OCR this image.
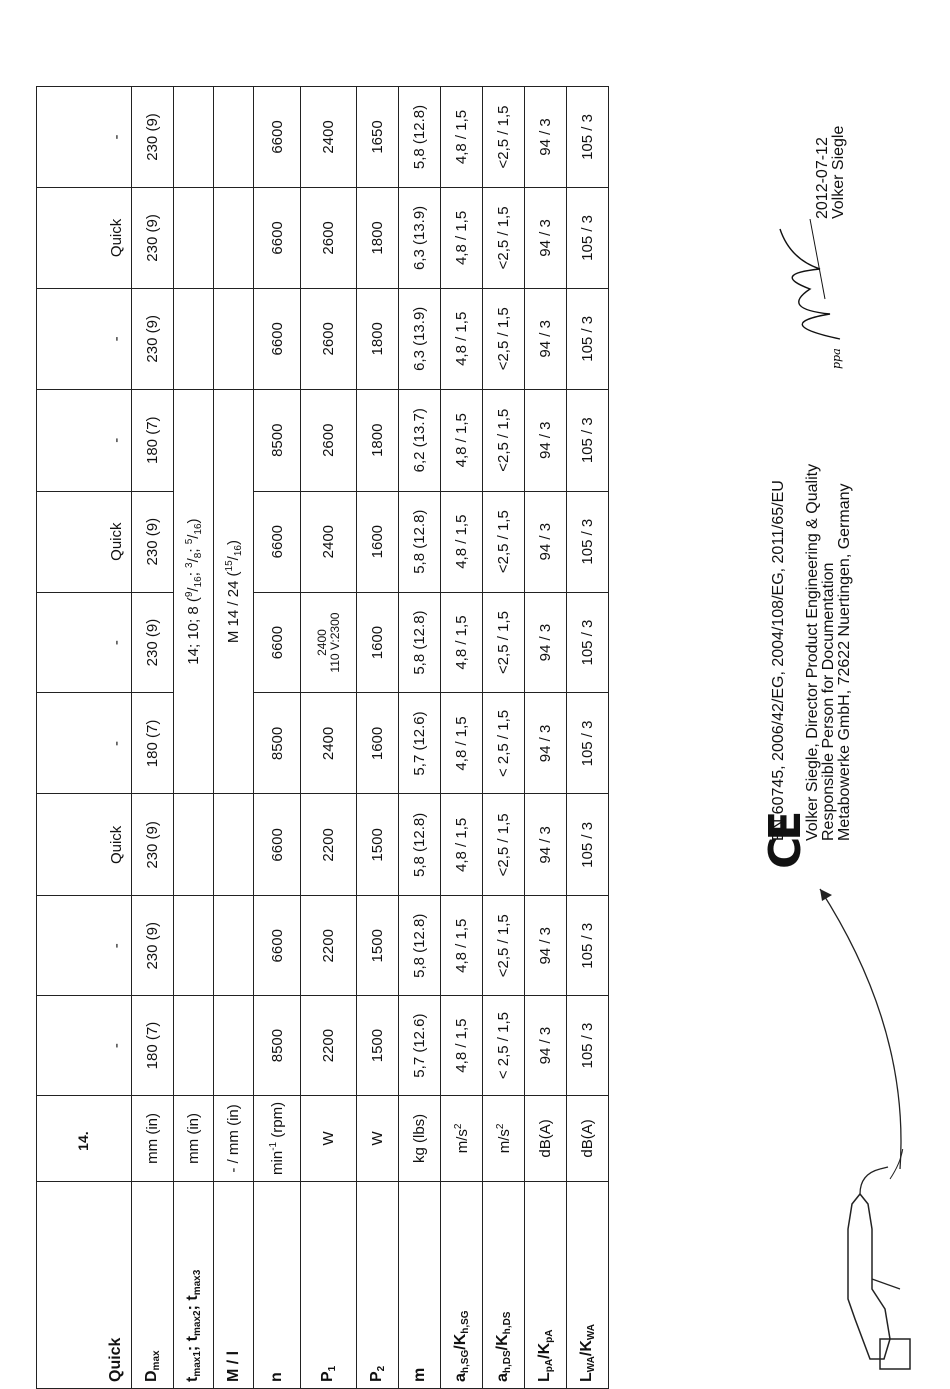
Quick	14.	-	-	Quick	-	-	Quick	-	-	Quick	-
$D_{max}$	mm (in)	180 (7)	230 (9)	230 (9)	180 (7)	230 (9)	230 (9)	180 (7)	230 (9)	230 (9)	230 (9)
$t_{max1}$; $t_{max2}$; $t_{max3}$	mm (in)				14; 10; 8 ($^9/_{16}$; $^3/_8$; $^5/_{16}$)						
M / l	- / mm (in)				M 14 / 24 $(^{15}/_{16})$						
n	$\min^{-1} (rpm)$	8500	6600	6600	8500	6600	6600	8500	6600	6600	6600
$P_1$	W	2200	2200	2200	2400	2400 110 V:2300	2400	2600	2600	2600	2400
$P_2$	W	1500	1500	1500	1600	1600	1600	1800	1800	1800	1650
m	kg (lbs)	5,7 (12.6)	5,8 (12.8)	5,8 (12.8)	5,7 (12.6)	5,8 (12.8)	5,8 (12.8)	6,2 (13.7)	6,3 (13.9)	6,3 (13.9)	5,8 (12.8)
$a_{h,SG}/K_{h,SG}$	$m/s^2$	4,8 / 1,5	4,8 / 1,5	4,8 / 1,5	4,8 / 1,5	4,8 / 1,5	4,8 / 1,5	4,8 / 1,5	4,8 / 1,5	4,8 / 1,5	4,8 / 1,5
$a_{h,DS}/K_{h,DS}$	$m/s^2$	< 2,5 / 1,5	<2,5 / 1,5	<2,5 / 1,5	< 2,5 / 1,5	<2,5 / 1,5	<2,5 / 1,5	<2,5 / 1,5	<2,5 / 1,5	<2,5 / 1,5	<2,5 / 1,5
$L_{pA}/K_{pA}$	dB(A)	94 / 3	94 / 3	94 / 3	94 / 3	94 / 3	94 / 3	94 / 3	94 / 3	94 / 3	94 / 3
$L_{WA}/K_{WA}$	dB(A)	105 / 3	105 / 3	105 / 3	105 / 3	105 / 3	105 / 3	105 / 3	105 / 3	105 / 3	105 / 3
CE
EN 60745, 2006/42/EG, 2004/108/EG, 2011/65/EU Volker Siegle, Director Product Engineering & Quality Responsible Person for Documentation Metabowerke GmbH, 72622 Nuertingen, Germany
ppa
2012-07-12 Volker Siegle
